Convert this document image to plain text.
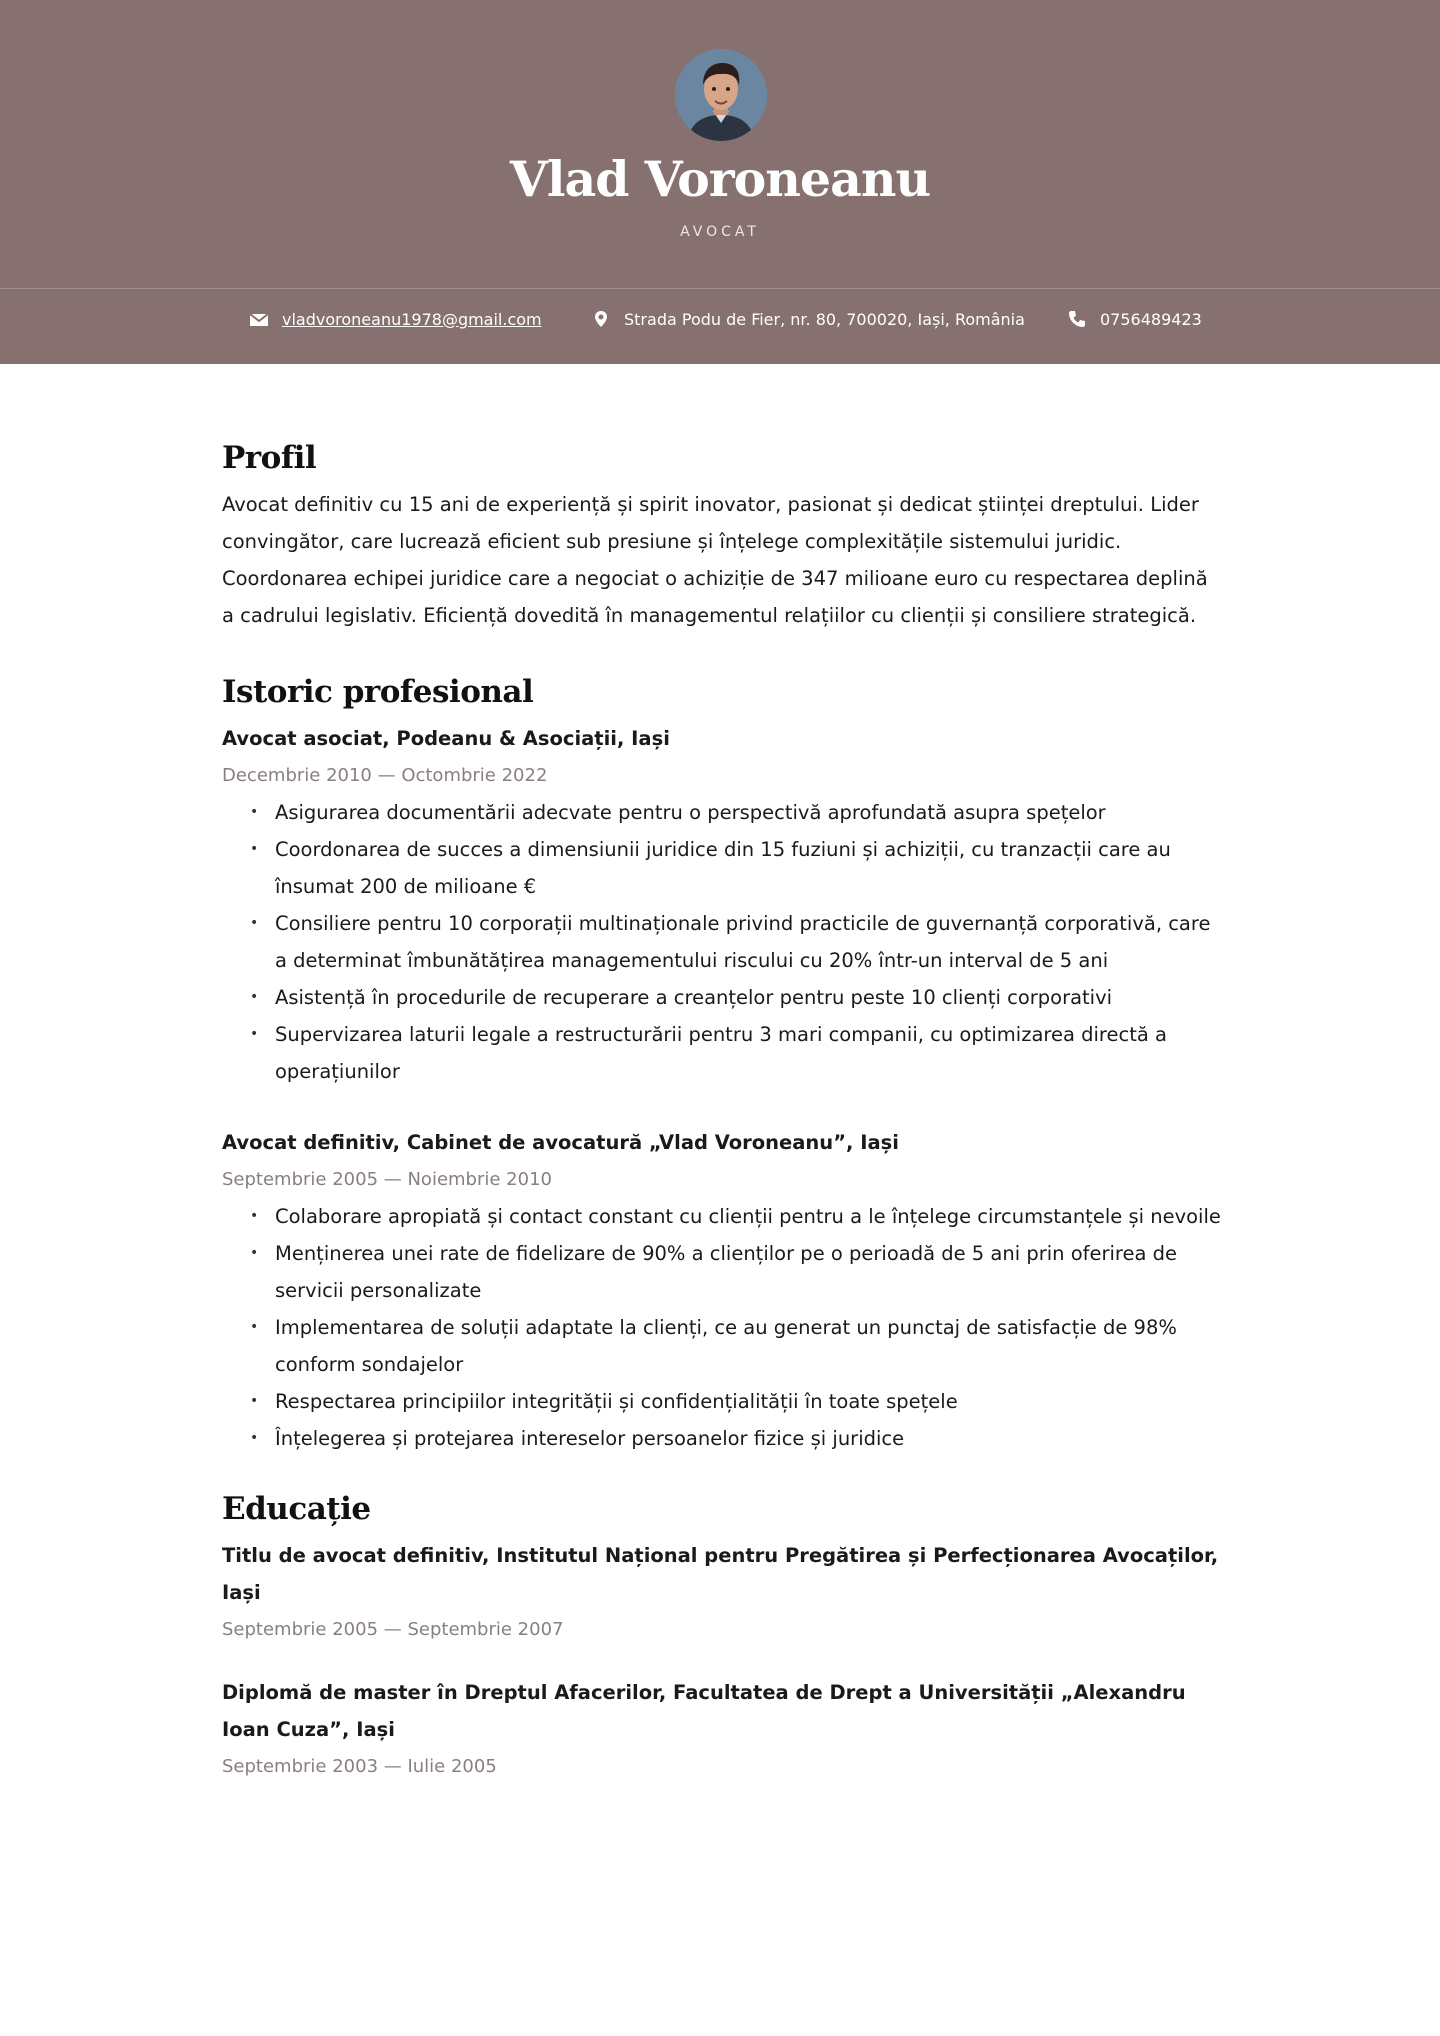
Vlad Voroneanu
AVOCAT
vladvoroneanu1978@gmail.com	Strada Podu de Fier, nr. 80, 700020, Iași, România	0756489423
Profil

Avocat definitiv cu 15 ani de experiență și spirit inovator, pasionat și dedicat științei dreptului. Lider convingător, care lucrează eficient sub presiune și înțelege complexitățile sistemului juridic. Coordonarea echipei juridice care a negociat o achiziție de 347 milioane euro cu respectarea deplină a cadrului legislativ. Eficiență dovedită în managementul relațiilor cu clienții și consiliere strategică.

Istoric profesional

Avocat asociat, Podeanu & Asociații, Iași

Decembrie 2010 — Octombrie 2022

• Asigurarea documentării adecvate pentru o perspectivă aprofundată asupra spețelor
• Coordonarea de succes a dimensiunii juridice din 15 fuziuni și achiziții, cu tranzacții care au însumat 200 de milioane €
• Consiliere pentru 10 corporații multinaționale privind practicile de guvernanță corporativă, care a determinat îmbunătățirea managementului riscului cu 20% într-un interval de 5 ani
• Asistență în procedurile de recuperare a creanțelor pentru peste 10 clienți corporativi
• Supervizarea laturii legale a restructurării pentru 3 mari companii, cu optimizarea directă a operațiunilor

Avocat definitiv, Cabinet de avocatură „Vlad Voroneanu”, Iași

Septembrie 2005 — Noiembrie 2010

• Colaborare apropiată și contact constant cu clienții pentru a le înțelege circumstanțele și nevoile
• Menținerea unei rate de fidelizare de 90% a clienților pe o perioadă de 5 ani prin oferirea de servicii personalizate
• Implementarea de soluții adaptate la clienți, ce au generat un punctaj de satisfacție de 98% conform sondajelor
• Respectarea principiilor integrității și confidențialității în toate spețele
• Înțelegerea și protejarea intereselor persoanelor fizice și juridice
Educație

Titlu de avocat definitiv, Institutul Național pentru Pregătirea și Perfecționarea Avocaților, Iași

Septembrie 2005 — Septembrie 2007

Diplomă de master în Dreptul Afacerilor, Facultatea de Drept a Universității „Alexandru Ioan Cuza”, Iași

Septembrie 2003 — Iulie 2005
